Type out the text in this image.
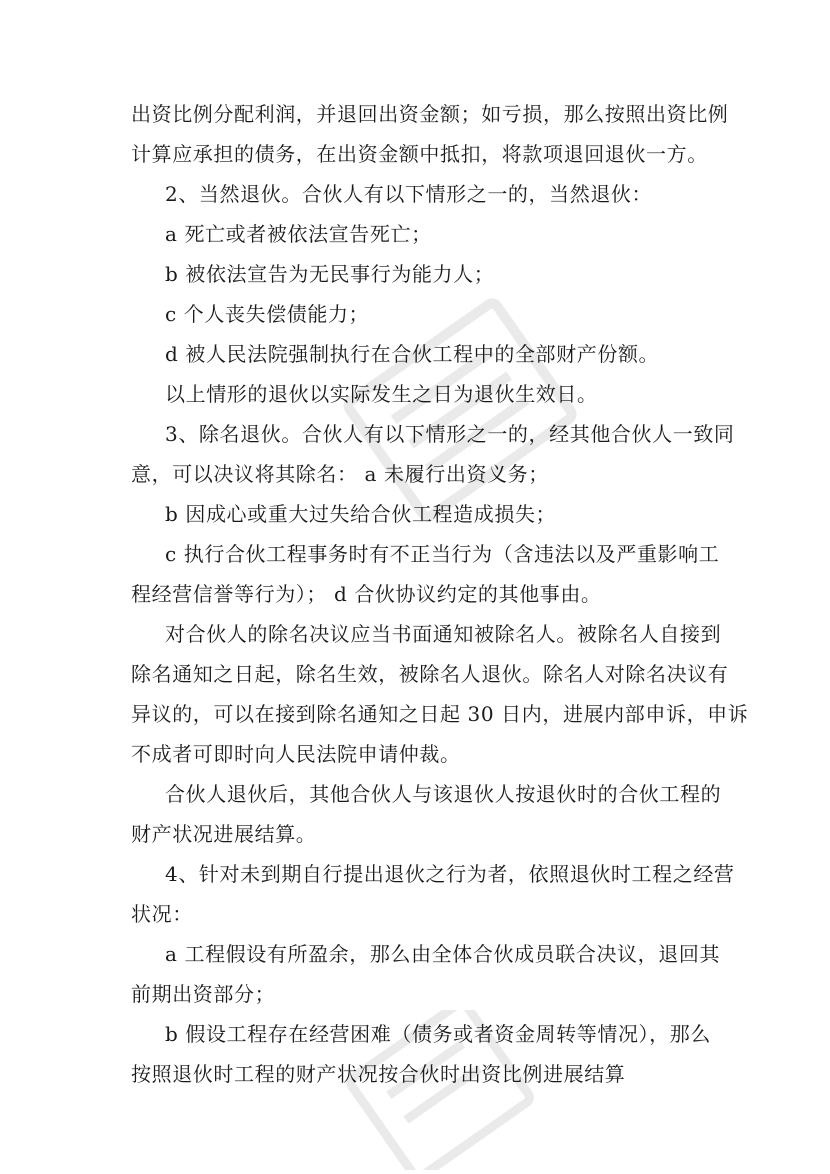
出资比例分配利润，并退回出资金额；如亏损，那么按照出资比例
计算应承担的债务，在出资金额中抵扣，将款项退回退伙一方。
2、当然退伙。合伙人有以下情形之一的，当然退伙：
a 死亡或者被依法宣告死亡；
b 被依法宣告为无民事行为能力人；
c 个人丧失偿债能力；
d 被人民法院强制执行在合伙工程中的全部财产份额。
以上情形的退伙以实际发生之日为退伙生效日。
3、除名退伙。合伙人有以下情形之一的，经其他合伙人一致同
意，可以决议将其除名： a 未履行出资义务；
b 因成心或重大过失给合伙工程造成损失；
c 执行合伙工程事务时有不正当行为（含违法以及严重影响工
程经营信誉等行为）； d 合伙协议约定的其他事由。
对合伙人的除名决议应当书面通知被除名人。被除名人自接到
除名通知之日起，除名生效，被除名人退伙。除名人对除名决议有
异议的，可以在接到除名通知之日起 30 日内，进展内部申诉，申诉
不成者可即时向人民法院申请仲裁。
合伙人退伙后，其他合伙人与该退伙人按退伙时的合伙工程的
财产状况进展结算。
4、针对未到期自行提出退伙之行为者，依照退伙时工程之经营
状况：
a 工程假设有所盈余，那么由全体合伙成员联合决议，退回其
前期出资部分；
b 假设工程存在经营困难（债务或者资金周转等情况），那么
按照退伙时工程的财产状况按合伙时出资比例进展结算
